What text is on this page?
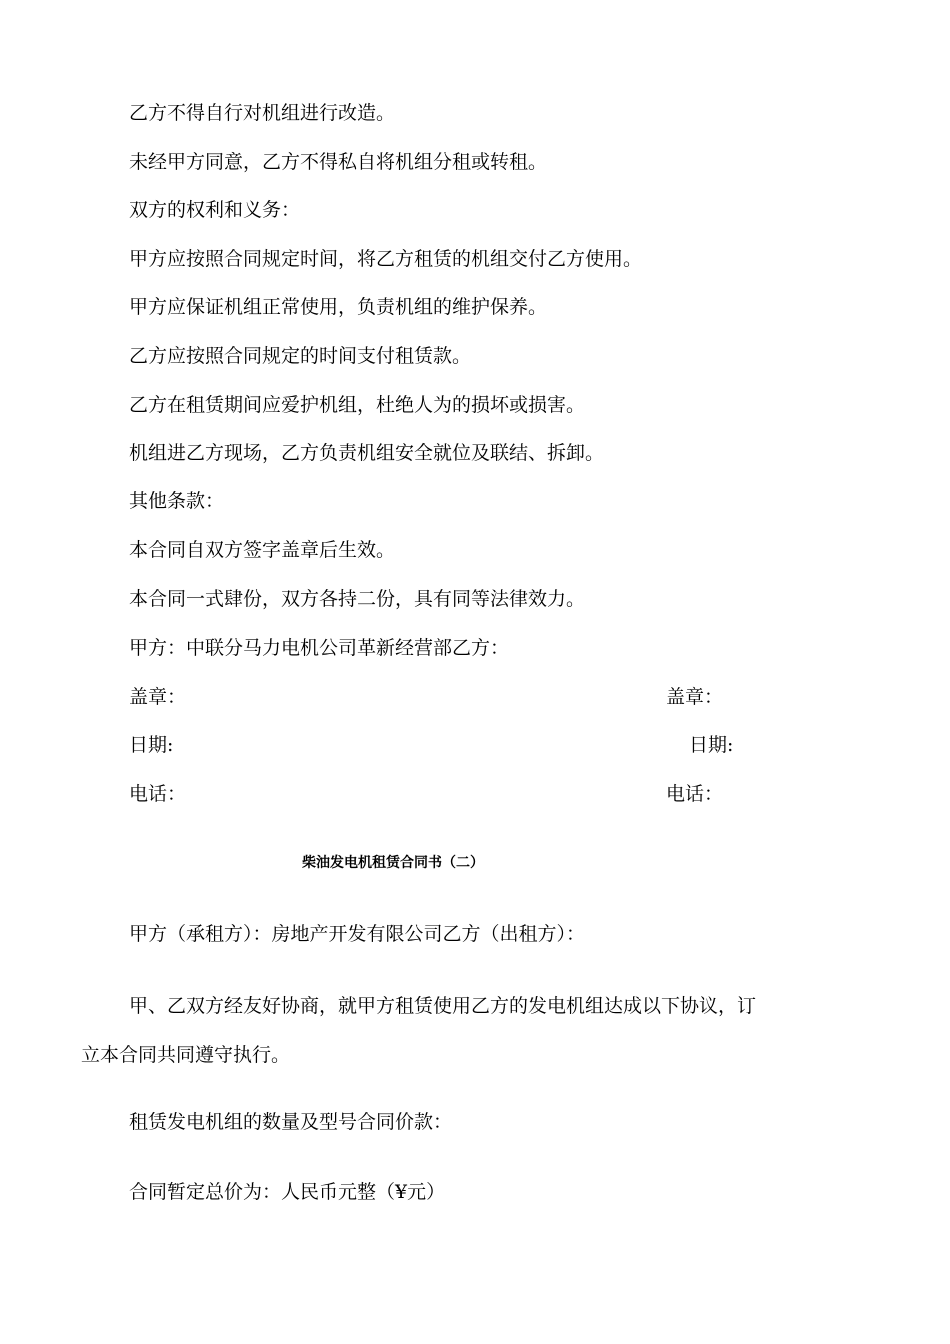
乙方不得自行对机组进行改造。
未经甲方同意，乙方不得私自将机组分租或转租。
双方的权利和义务：
甲方应按照合同规定时间，将乙方租赁的机组交付乙方使用。
甲方应保证机组正常使用，负责机组的维护保养。
乙方应按照合同规定的时间支付租赁款。
乙方在租赁期间应爱护机组，杜绝人为的损坏或损害。
机组进乙方现场，乙方负责机组安全就位及联结、拆卸。
其他条款：
本合同自双方签字盖章后生效。
本合同一式肆份，双方各持二份，具有同等法律效力。
甲方：中联分马力电机公司革新经营部乙方：
盖章：	盖章：
日期:	日期:
电话：	电话：
柴油发电机租赁合同书（二）
甲方（承租方）：房地产开发有限公司乙方（出租方）：
甲、乙双方经友好协商，就甲方租赁使用乙方的发电机组达成以下协议，订
立本合同共同遵守执行。
租赁发电机组的数量及型号合同价款：
合同暂定总价为：人民币元整（¥元）
